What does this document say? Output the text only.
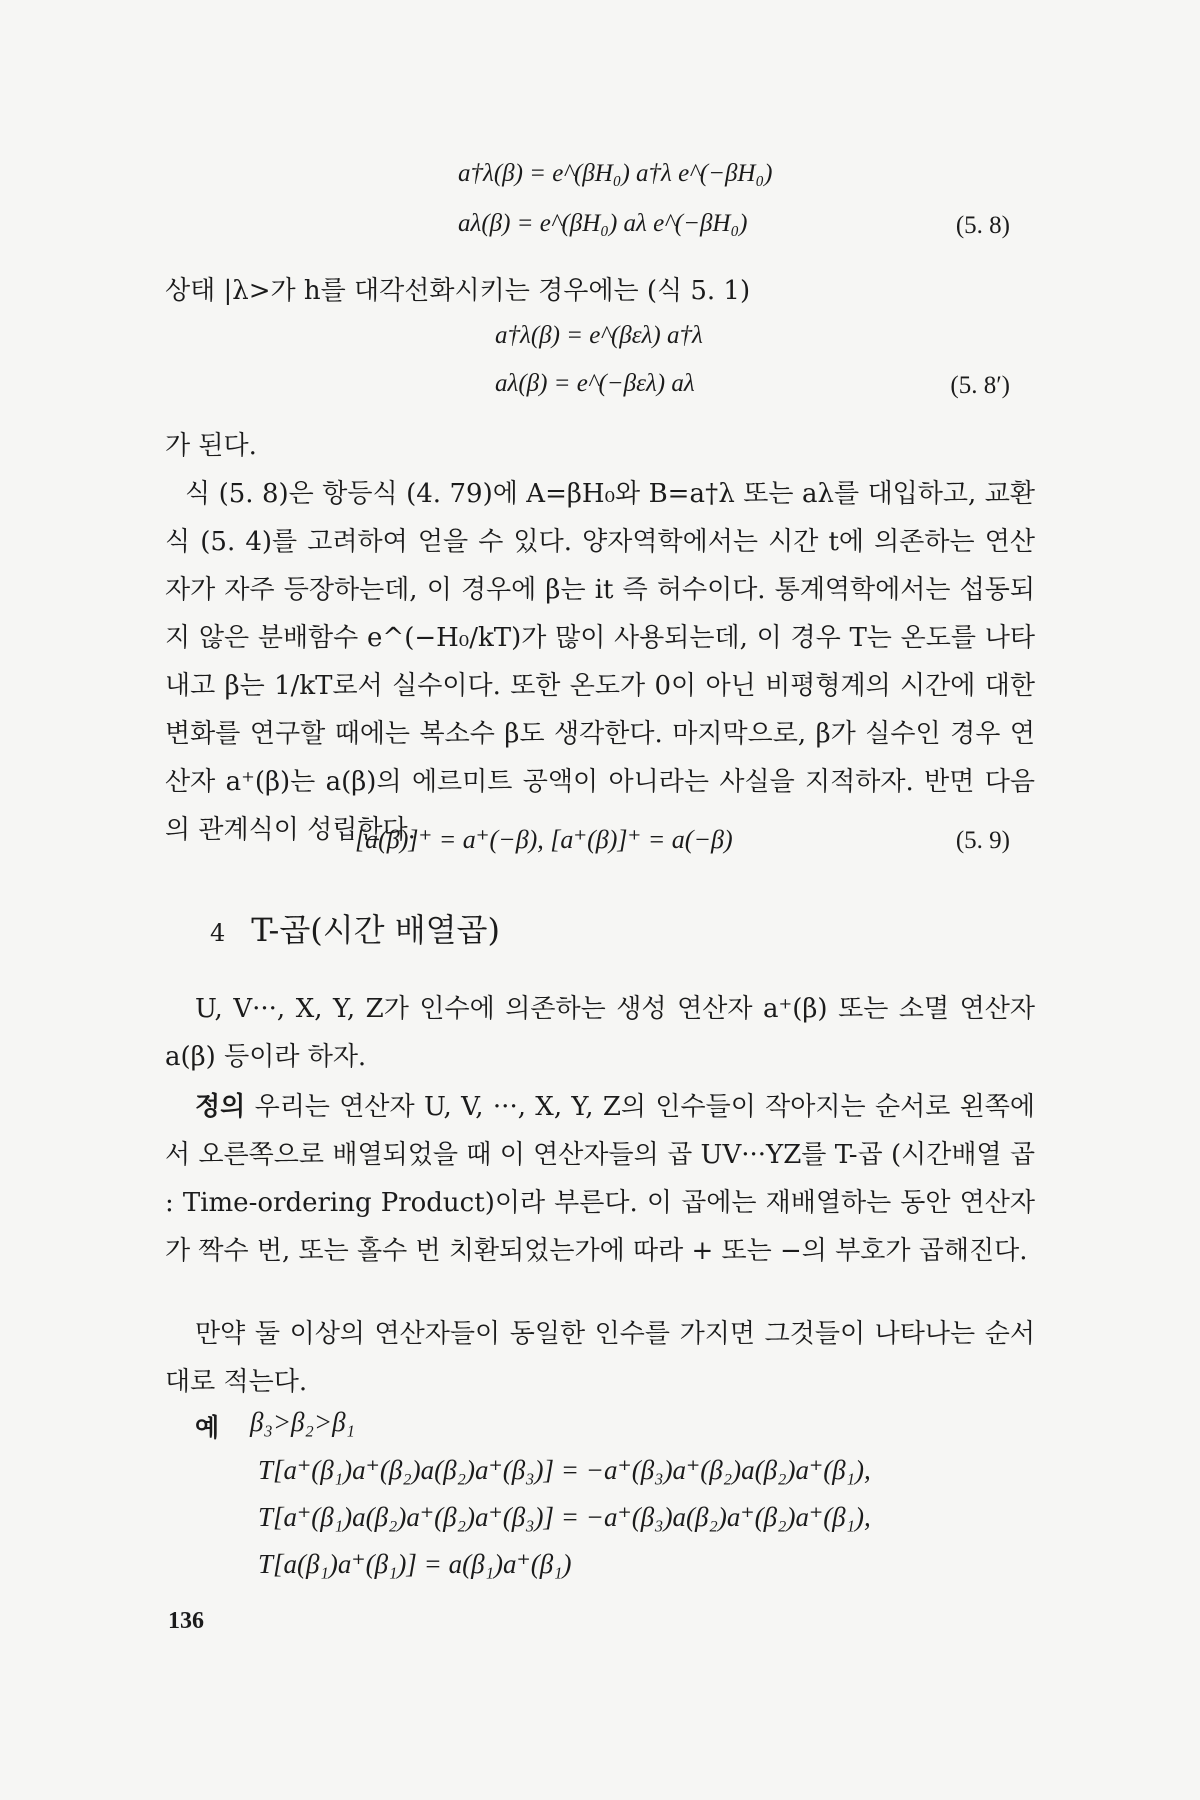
a†λ(β) = e^(βH₀) a†λ e^(−βH₀)
aλ(β) = e^(βH₀) aλ e^(−βH₀)	(5. 8)

상태 |λ>가 h를 대각선화시키는 경우에는 (식 5. 1)

a†λ(β) = e^(βελ) a†λ
aλ(β) = e^(−βελ) aλ	(5. 8′)

가 된다.

식 (5. 8)은 항등식 (4. 79)에 A=βH₀와 B=a†λ 또는 aλ를 대입하고, 교환식 (5. 4)를 고려하여 얻을 수 있다. 양자역학에서는 시간 t에 의존하는 연산자가 자주 등장하는데, 이 경우에 β는 it 즉 허수이다. 통계역학에서는 섭동되지 않은 분배함수 e^(−H₀/kT)가 많이 사용되는데, 이 경우 T는 온도를 나타내고 β는 1/kT로서 실수이다. 또한 온도가 0이 아닌 비평형계의 시간에 대한 변화를 연구할 때에는 복소수 β도 생각한다. 마지막으로, β가 실수인 경우 연산자 a⁺(β)는 a(β)의 에르미트 공액이 아니라는 사실을 지적하자. 반면 다음의 관계식이 성립한다.

[a(β)]⁺ = a⁺(−β), [a⁺(β)]⁺ = a(−β)	(5. 9)
4 T-곱(시간 배열곱)

U, V···, X, Y, Z가 인수에 의존하는 생성 연산자 a⁺(β) 또는 소멸 연산자 a(β) 등이라 하자.

정의 우리는 연산자 U, V, ···, X, Y, Z의 인수들이 작아지는 순서로 왼쪽에서 오른쪽으로 배열되었을 때 이 연산자들의 곱 UV···YZ를 T-곱 (시간배열 곱 : Time-ordering Product)이라 부른다. 이 곱에는 재배열하는 동안 연산자가 짝수 번, 또는 홀수 번 치환되었는가에 따라 + 또는 −의 부호가 곱해진다.

만약 둘 이상의 연산자들이 동일한 인수를 가지면 그것들이 나타나는 순서대로 적는다.

예 β₃>β₂>β₁
T[a⁺(β₁)a⁺(β₂)a(β₂)a⁺(β₃)] = −a⁺(β₃)a⁺(β₂)a(β₂)a⁺(β₁),
T[a⁺(β₁)a(β₂)a⁺(β₂)a⁺(β₃)] = −a⁺(β₃)a(β₂)a⁺(β₂)a⁺(β₁),
T[a(β₁)a⁺(β₁)] = a(β₁)a⁺(β₁)
136
